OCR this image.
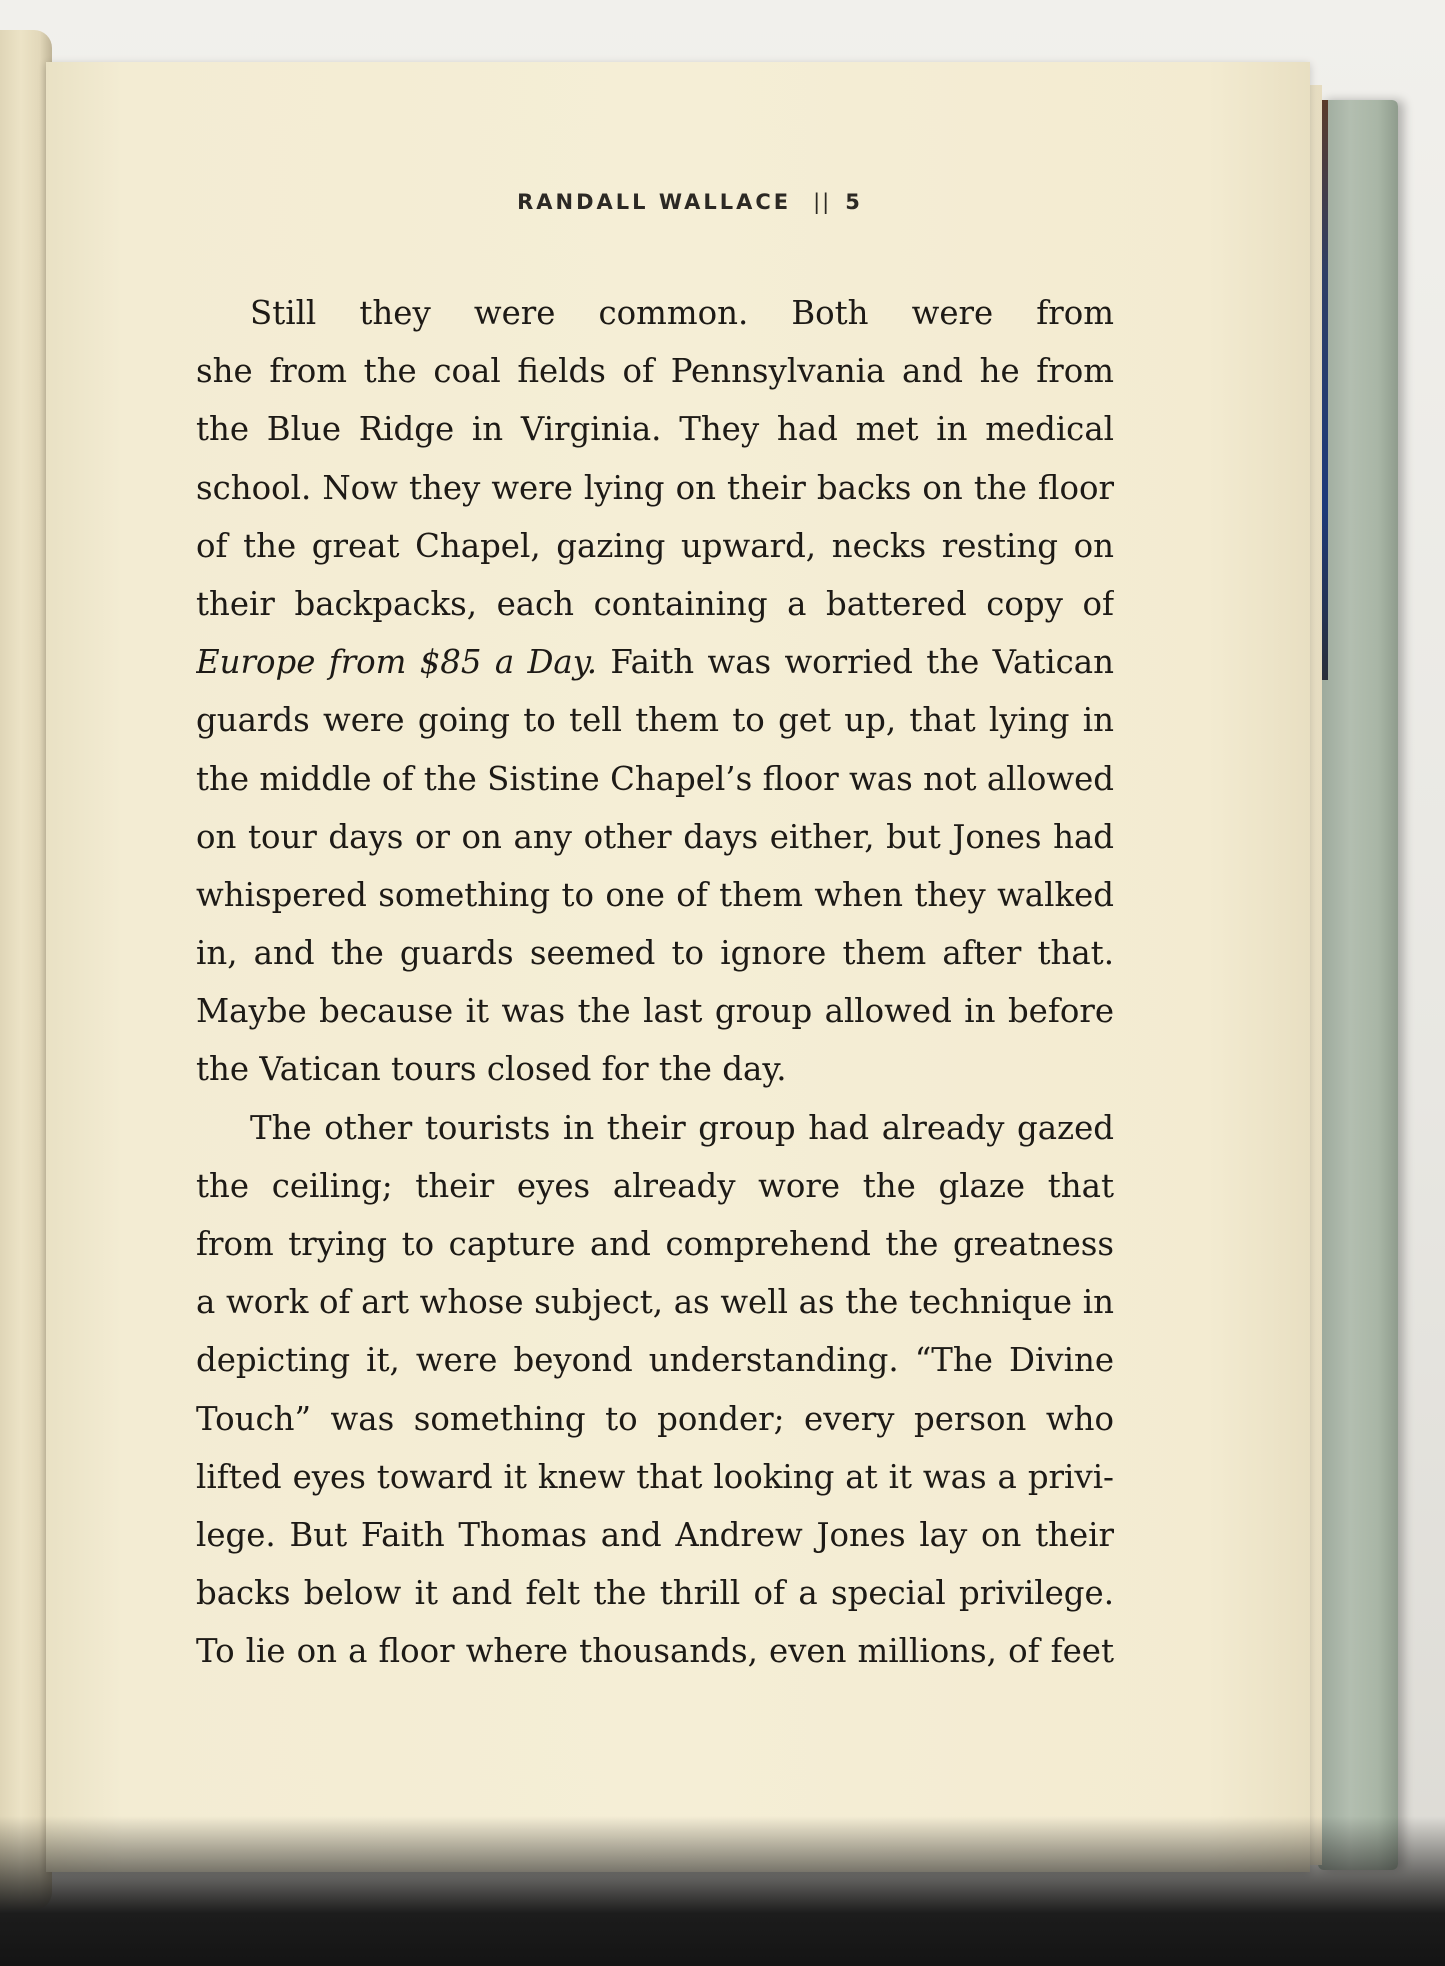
RANDALL WALLACE || 5
Still they were common. Both were from
she from the coal fields of Pennsylvania and he from
the Blue Ridge in Virginia. They had met in medical
school. Now they were lying on their backs on the floor
of the great Chapel, gazing upward, necks resting on
their backpacks, each containing a battered copy of
Europe from $85 a Day. Faith was worried the Vatican
guards were going to tell them to get up, that lying in
the middle of the Sistine Chapel’s floor was not allowed
on tour days or on any other days either, but Jones had
whispered something to one of them when they walked
in, and the guards seemed to ignore them after that.
Maybe because it was the last group allowed in before
the Vatican tours closed for the day.
The other tourists in their group had already gazed
the ceiling; their eyes already wore the glaze that
from trying to capture and comprehend the greatness
a work of art whose subject, as well as the technique in
depicting it, were beyond understanding. “The Divine
Touch” was something to ponder; every person who
lifted eyes toward it knew that looking at it was a privi-
lege. But Faith Thomas and Andrew Jones lay on their
backs below it and felt the thrill of a special privilege.
To lie on a floor where thousands, even millions, of feet
